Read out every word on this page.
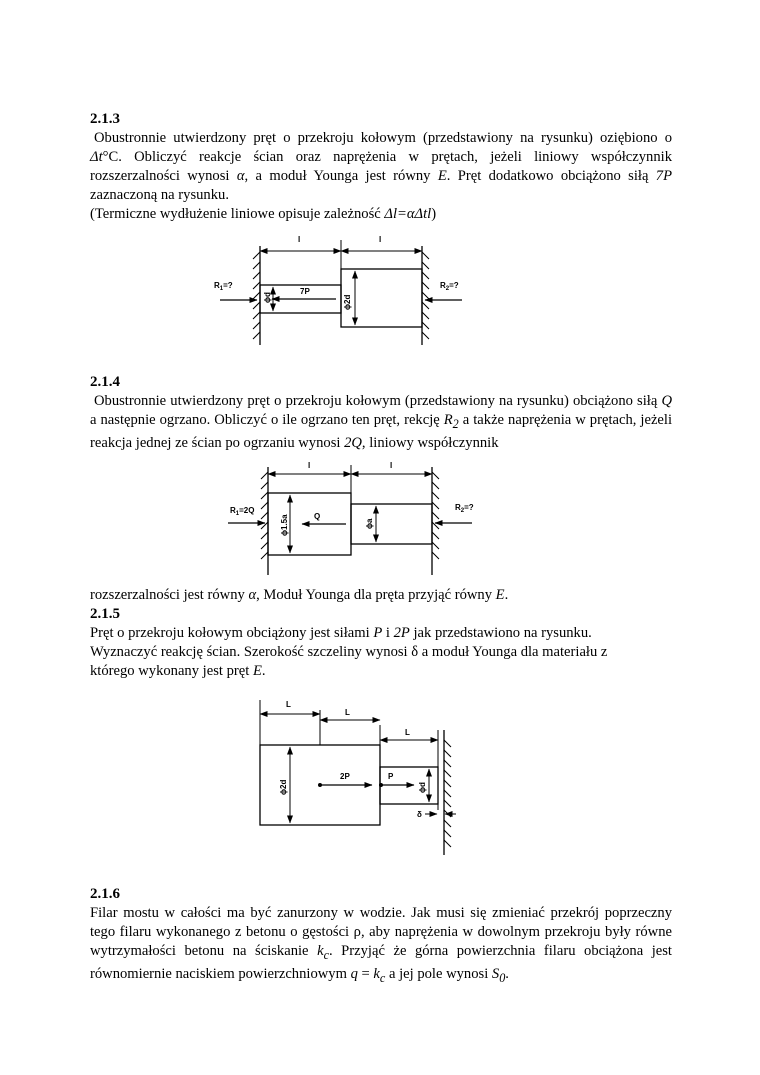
2.1.3
Obustronnie utwierdzony pręt o przekroju kołowym (przedstawiony na rysunku) oziębiono o Δt°C. Obliczyć reakcje ścian oraz naprężenia w prętach, jeżeli liniowy współczynnik rozszerzalności wynosi α, a moduł Younga jest równy E. Pręt dodatkowo obciążono siłą 7P zaznaczoną na rysunku.
(Termiczne wydłużenie liniowe opisuje zależność Δl=αΔtl)
l	l
$R_1=$?	$R_2=$?
7P
ϕd	ϕ2d
2.1.4
Obustronnie utwierdzony pręt o przekroju kołowym (przedstawiony na rysunku) obciążono siłą Q a następnie ogrzano. Obliczyć o ile ogrzano ten pręt, rekcję $R_2$ a także naprężenia w prętach, jeżeli reakcja jednej ze ścian po ogrzaniu wynosi 2Q, liniowy współczynnik
l	l
$R_1=2Q$	$R_2=$?
Q
ϕ1.5a	ϕa
rozszerzalności jest równy α, Moduł Younga dla pręta przyjąć równy E.
2.1.5
Pręt o przekroju kołowym obciążony jest siłami P i 2P jak przedstawiono na rysunku.
Wyznaczyć reakcję ścian. Szerokość szczeliny wynosi δ a moduł Younga dla materiału z
którego wykonany jest pręt E.
L
L
L
2P	P
ϕ2d	ϕd
δ
2.1.6
Filar mostu w całości ma być zanurzony w wodzie. Jak musi się zmieniać przekrój poprzeczny tego filaru wykonanego z betonu o gęstości ρ, aby naprężenia w dowolnym przekroju były równe wytrzymałości betonu na ściskanie $k_c$. Przyjąć że górna powierzchnia filaru obciążona jest równomiernie naciskiem powierzchniowym $q = k_c$ a jej pole wynosi $S_0$.
